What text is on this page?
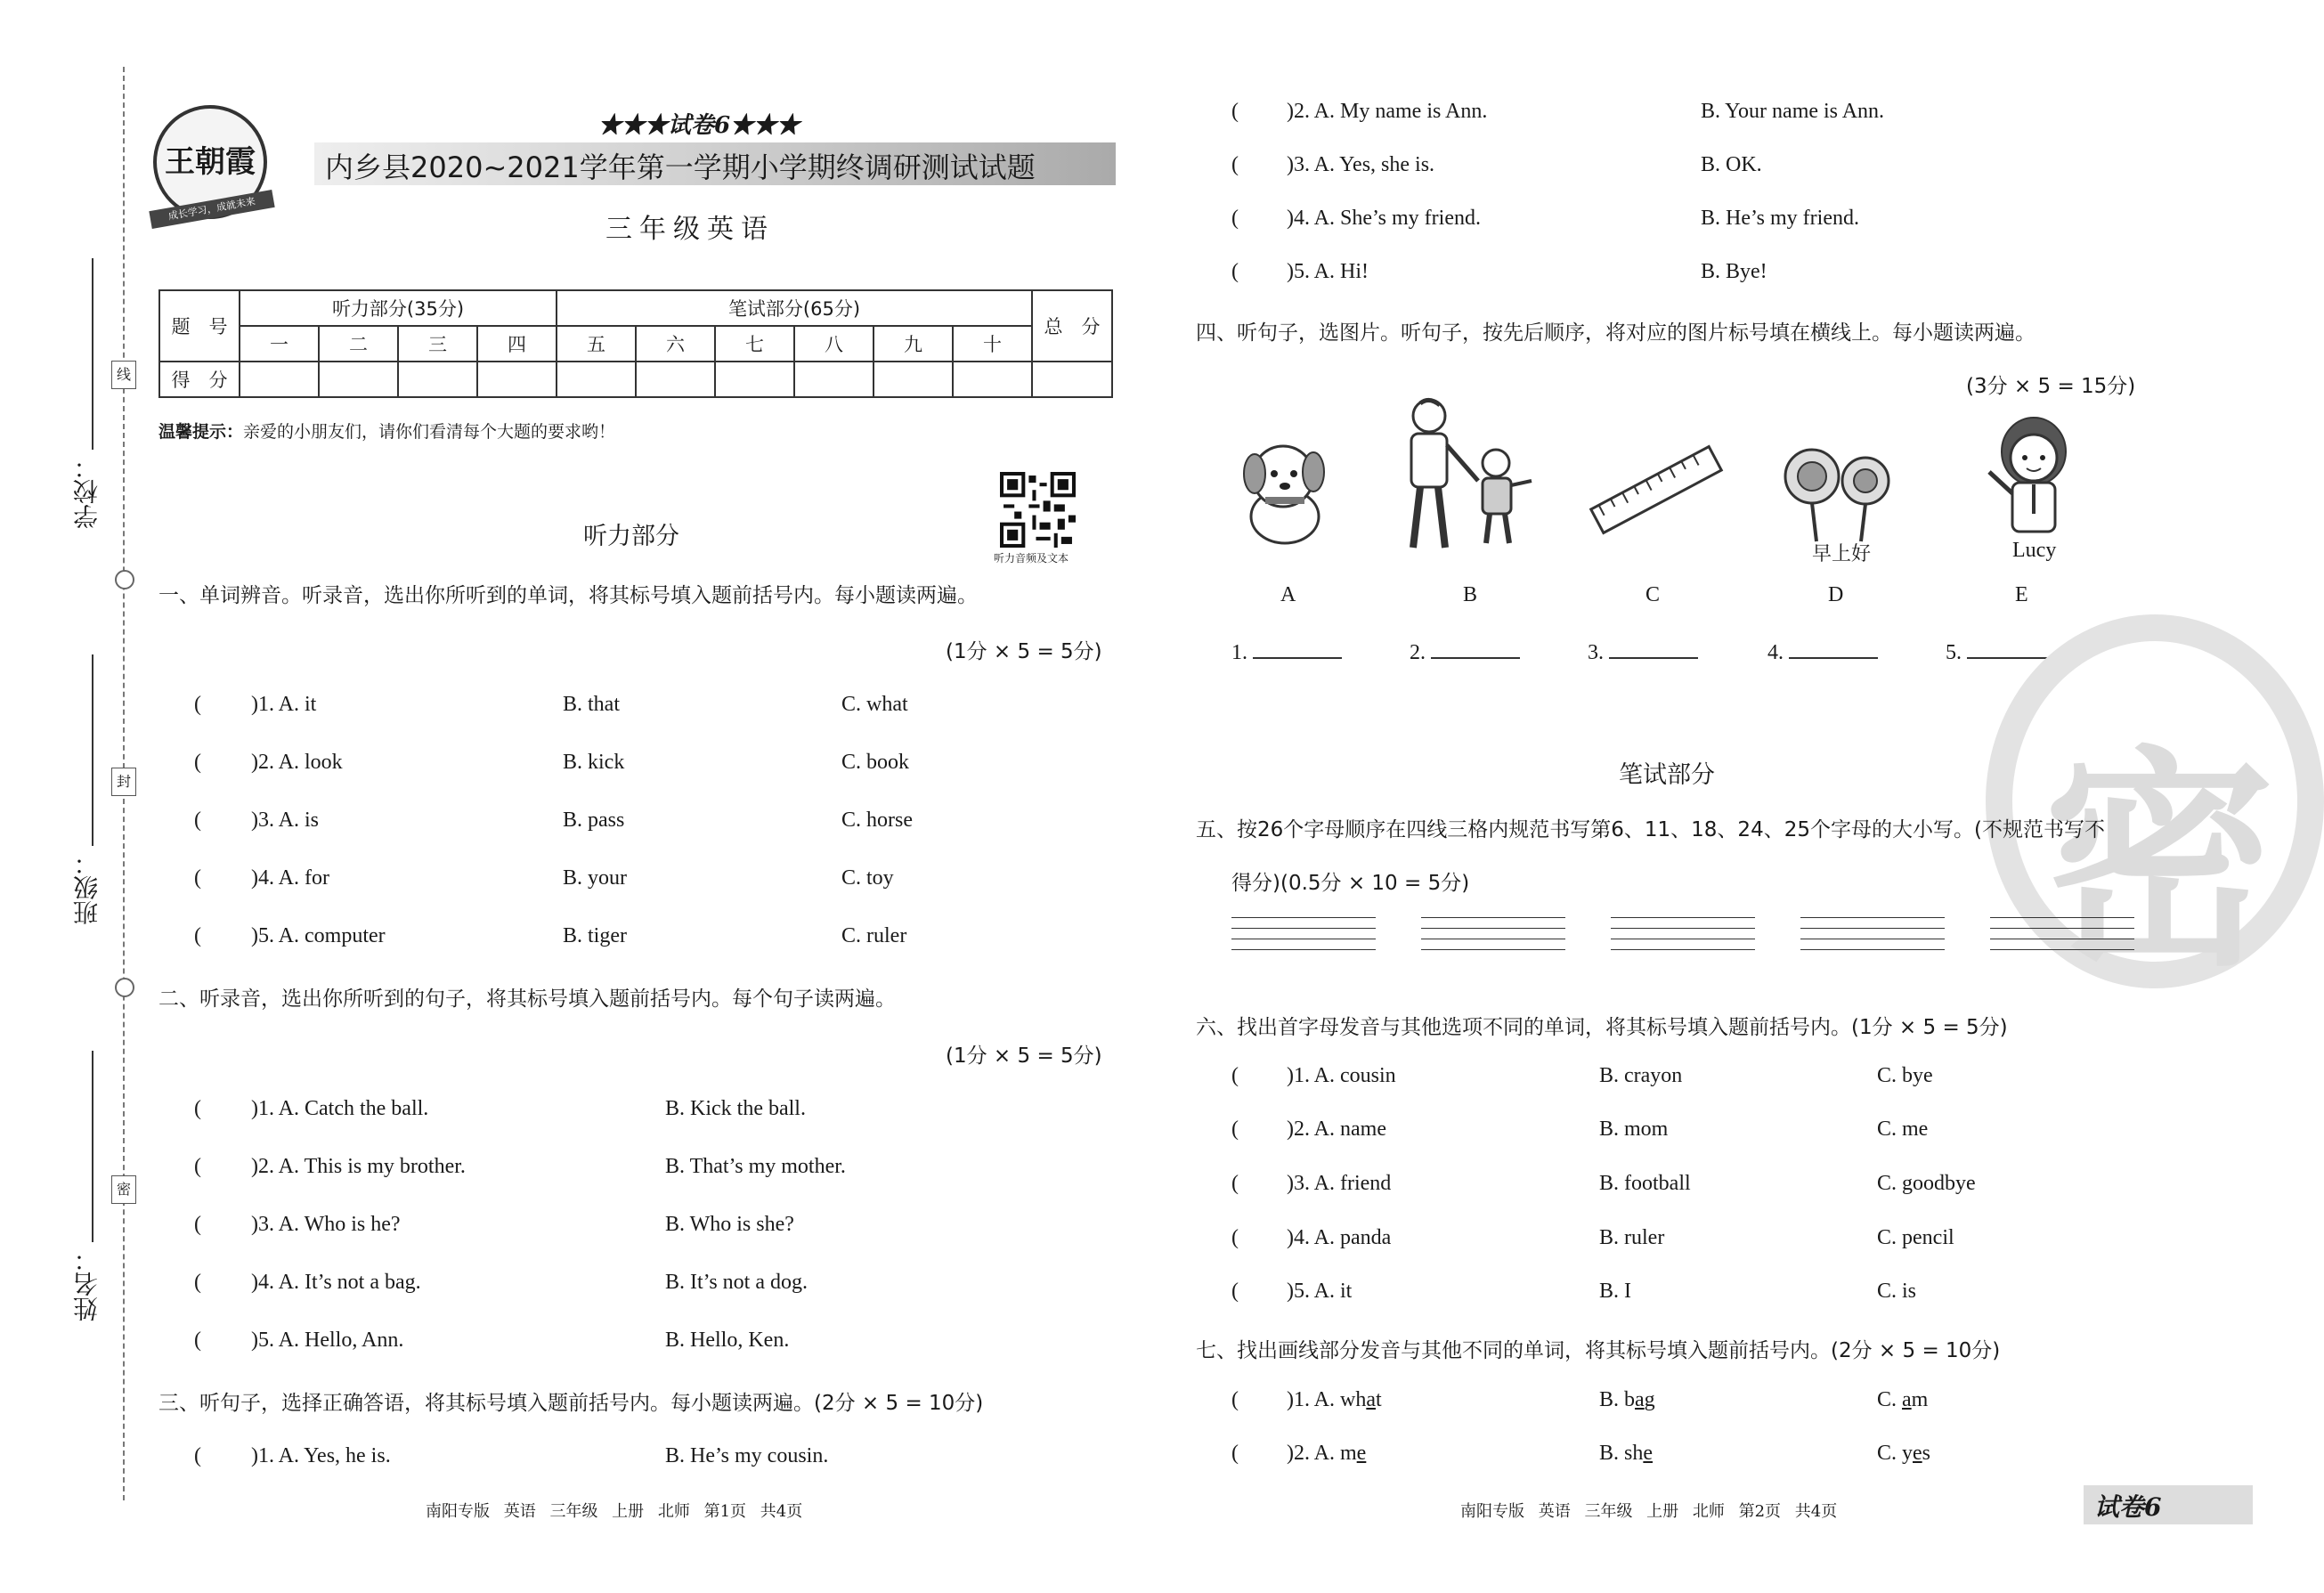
线
封
密
学校：
班级：
姓名：
王朝霞
成长学习，成就未来
★★★试卷6★★★
内乡县2020~2021学年第一学期小学期终调研测试试题
三年级英语
题　号	听力部分(35分)				笔试部分(65分)						总　分
	一	二	三	四	五	六	七	八	九	十	
得　分											
温馨提示：亲爱的小朋友们，请你们看清每个大题的要求哟！
听力音频及文本
听力部分
一、单词辨音。听录音，选出你所听到的单词，将其标号填入题前括号内。每小题读两遍。
(1分 × 5 = 5分)
( )1. A. it	B. that	C. what
( )2. A. look	B. kick	C. book
( )3. A. is	B. pass	C. horse
( )4. A. for	B. your	C. toy
( )5. A. computer	B. tiger	C. ruler
二、听录音，选出你所听到的句子，将其标号填入题前括号内。每个句子读两遍。
(1分 × 5 = 5分)
( )1. A. Catch the ball.	B. Kick the ball.
( )2. A. This is my brother.	B. That’s my mother.
( )3. A. Who is he?	B. Who is she?
( )4. A. It’s not a bag.	B. It’s not a dog.
( )5. A. Hello, Ann.	B. Hello, Ken.
三、听句子，选择正确答语，将其标号填入题前括号内。每小题读两遍。(2分 × 5 = 10分)
( )1. A. Yes, he is.	B. He’s my cousin.
南阳专版 英语 三年级 上册 北师 第1页 共4页
( )2. A. My name is Ann.	B. Your name is Ann.
( )3. A. Yes, she is.	B. OK.
( )4. A. She’s my friend.	B. He’s my friend.
( )5. A. Hi!	B. Bye!
四、听句子，选图片。听句子，按先后顺序，将对应的图片标号填在横线上。每小题读两遍。
(3分 × 5 = 15分)
A	B	C
早上好
D
Lucy
E
1.	2.	3.	4.	5.
密
笔试部分
五、按26个字母顺序在四线三格内规范书写第6、11、18、24、25个字母的大小写。(不规范书写不
得分)(0.5分 × 10 = 5分)
六、找出首字母发音与其他选项不同的单词，将其标号填入题前括号内。(1分 × 5 = 5分)
( )1. A. cousin	B. crayon	C. bye
( )2. A. name	B. mom	C. me
( )3. A. friend	B. football	C. goodbye
( )4. A. panda	B. ruler	C. pencil
( )5. A. it	B. I	C. is
七、找出画线部分发音与其他不同的单词，将其标号填入题前括号内。(2分 × 5 = 10分)
( )1. A. what	B. bag	C. am
( )2. A. me	B. she	C. yes
南阳专版 英语 三年级 上册 北师 第2页 共4页	试卷6
